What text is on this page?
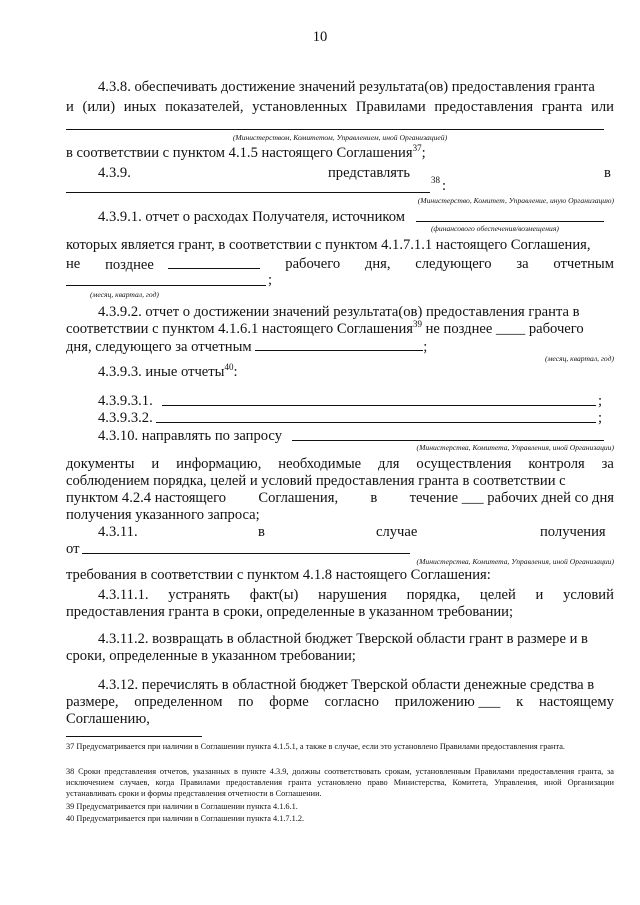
10
4.3.8. обеспечивать достижение значений результата(ов) предоставления гранта
и (или) иных показателей, установленных Правилами предоставления гранта или
(Министерством, Комитетом, Управлением, иной Организацией)
в соответствии с пунктом 4.1.5 настоящего Соглашения$^{37}$;
4.3.9.	представлять	в
38 :
(Министерство, Комитет, Управление, иную Организацию)
4.3.9.1. отчет о расходах Получателя, источником
(финансового обеспечения/возмещения)
которых является грант, в соответствии с пунктом 4.1.7.1.1 настоящего Соглашения,
не позднее	рабочего дня, следующего за отчетным
;
(месяц, квартал, год)
4.3.9.2. отчет о достижении значений результата(ов) предоставления гранта в
соответствии с пунктом 4.1.6.1 настоящего Соглашения$^{39}$ не позднее ____ рабочего
дня, следующего за отчетным	;
(месяц, квартал, год)
4.3.9.3. иные отчеты$^{40}$:
4.3.9.3.1.	;
4.3.9.3.2.	;
4.3.10. направлять по запросу
(Министерства, Комитета, Управления, иной Организации)
документы и информацию, необходимые для осуществления контроля за
соблюдением порядка, целей и условий предоставления гранта в соответствии с
пунктом 4.2.4 настоящего Соглашения, в течение ___ рабочих дней со дня
получения указанного запроса;
4.3.11.	в	случае	получения
от
(Министерства, Комитета, Управления, иной Организации)
требования в соответствии с пунктом 4.1.8 настоящего Соглашения:
4.3.11.1. устранять факт(ы) нарушения порядка, целей и условий
предоставления гранта в сроки, определенные в указанном требовании;
4.3.11.2. возвращать в областной бюджет Тверской области грант в размере и в
сроки, определенные в указанном требовании;
4.3.12. перечислять в областной бюджет Тверской области денежные средства в
размере, определенном по форме согласно приложению ___ к настоящему
Соглашению,
37 Предусматривается при наличии в Соглашении пункта 4.1.5.1, а также в случае, если это установлено Правилами предоставления гранта.
38 Сроки представления отчетов, указанных в пункте 4.3.9, должны соответствовать срокам, установленным Правилами предоставления гранта, за исключением случаев, когда Правилами предоставления гранта установлено право Министерства, Комитета, Управления, иной Организации устанавливать сроки и формы представления отчетности в Соглашении.
39 Предусматривается при наличии в Соглашении пункта 4.1.6.1.
40 Предусматривается при наличии в Соглашении пункта 4.1.7.1.2.
